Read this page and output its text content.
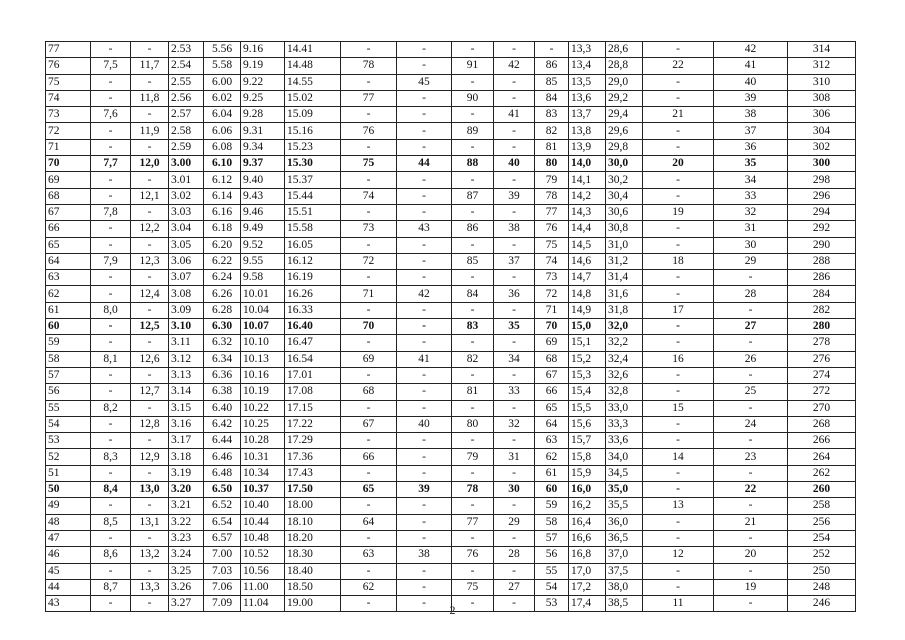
77	-	-	2.53	5.56	9.16	14.41	-	-	-	-	-	13,3	28,6	-	42	314
76	7,5	11,7	2.54	5.58	9.19	14.48	78	-	91	42	86	13,4	28,8	22	41	312
75	-	-	2.55	6.00	9.22	14.55	-	45	-	-	85	13,5	29,0	-	40	310
74	-	11,8	2.56	6.02	9.25	15.02	77	-	90	-	84	13,6	29,2	-	39	308
73	7,6	-	2.57	6.04	9.28	15.09	-	-	-	41	83	13,7	29,4	21	38	306
72	-	11,9	2.58	6.06	9.31	15.16	76	-	89	-	82	13,8	29,6	-	37	304
71	-	-	2.59	6.08	9.34	15.23	-	-	-	-	81	13,9	29,8	-	36	302
70	7,7	12,0	3.00	6.10	9.37	15.30	75	44	88	40	80	14,0	30,0	20	35	300
69	-	-	3.01	6.12	9.40	15.37	-	-	-	-	79	14,1	30,2	-	34	298
68	-	12,1	3.02	6.14	9.43	15.44	74	-	87	39	78	14,2	30,4	-	33	296
67	7,8	-	3.03	6.16	9.46	15.51	-	-	-	-	77	14,3	30,6	19	32	294
66	-	12,2	3.04	6.18	9.49	15.58	73	43	86	38	76	14,4	30,8	-	31	292
65	-	-	3.05	6.20	9.52	16.05	-	-	-	-	75	14,5	31,0	-	30	290
64	7,9	12,3	3.06	6.22	9.55	16.12	72	-	85	37	74	14,6	31,2	18	29	288
63	-	-	3.07	6.24	9.58	16.19	-	-	-	-	73	14,7	31,4	-	-	286
62	-	12,4	3.08	6.26	10.01	16.26	71	42	84	36	72	14,8	31,6	-	28	284
61	8,0	-	3.09	6.28	10.04	16.33	-	-	-	-	71	14,9	31,8	17	-	282
60	-	12,5	3.10	6.30	10.07	16.40	70	-	83	35	70	15,0	32,0	-	27	280
59	-	-	3.11	6.32	10.10	16.47	-	-	-	-	69	15,1	32,2	-	-	278
58	8,1	12,6	3.12	6.34	10.13	16.54	69	41	82	34	68	15,2	32,4	16	26	276
57	-	-	3.13	6.36	10.16	17.01	-	-	-	-	67	15,3	32,6	-	-	274
56	-	12,7	3.14	6.38	10.19	17.08	68	-	81	33	66	15,4	32,8	-	25	272
55	8,2	-	3.15	6.40	10.22	17.15	-	-	-	-	65	15,5	33,0	15	-	270
54	-	12,8	3.16	6.42	10.25	17.22	67	40	80	32	64	15,6	33,3	-	24	268
53	-	-	3.17	6.44	10.28	17.29	-	-	-	-	63	15,7	33,6	-	-	266
52	8,3	12,9	3.18	6.46	10.31	17.36	66	-	79	31	62	15,8	34,0	14	23	264
51	-	-	3.19	6.48	10.34	17.43	-	-	-	-	61	15,9	34,5	-	-	262
50	8,4	13,0	3.20	6.50	10.37	17.50	65	39	78	30	60	16,0	35,0	-	22	260
49	-	-	3.21	6.52	10.40	18.00	-	-	-	-	59	16,2	35,5	13	-	258
48	8,5	13,1	3.22	6.54	10.44	18.10	64	-	77	29	58	16,4	36,0	-	21	256
47	-	-	3.23	6.57	10.48	18.20	-	-	-	-	57	16,6	36,5	-	-	254
46	8,6	13,2	3.24	7.00	10.52	18.30	63	38	76	28	56	16,8	37,0	12	20	252
45	-	-	3.25	7.03	10.56	18.40	-	-	-	-	55	17,0	37,5	-	-	250
44	8,7	13,3	3.26	7.06	11.00	18.50	62	-	75	27	54	17,2	38,0	-	19	248
43	-	-	3.27	7.09	11.04	19.00	-	-	-	-	53	17,4	38,5	11	-	246
2
